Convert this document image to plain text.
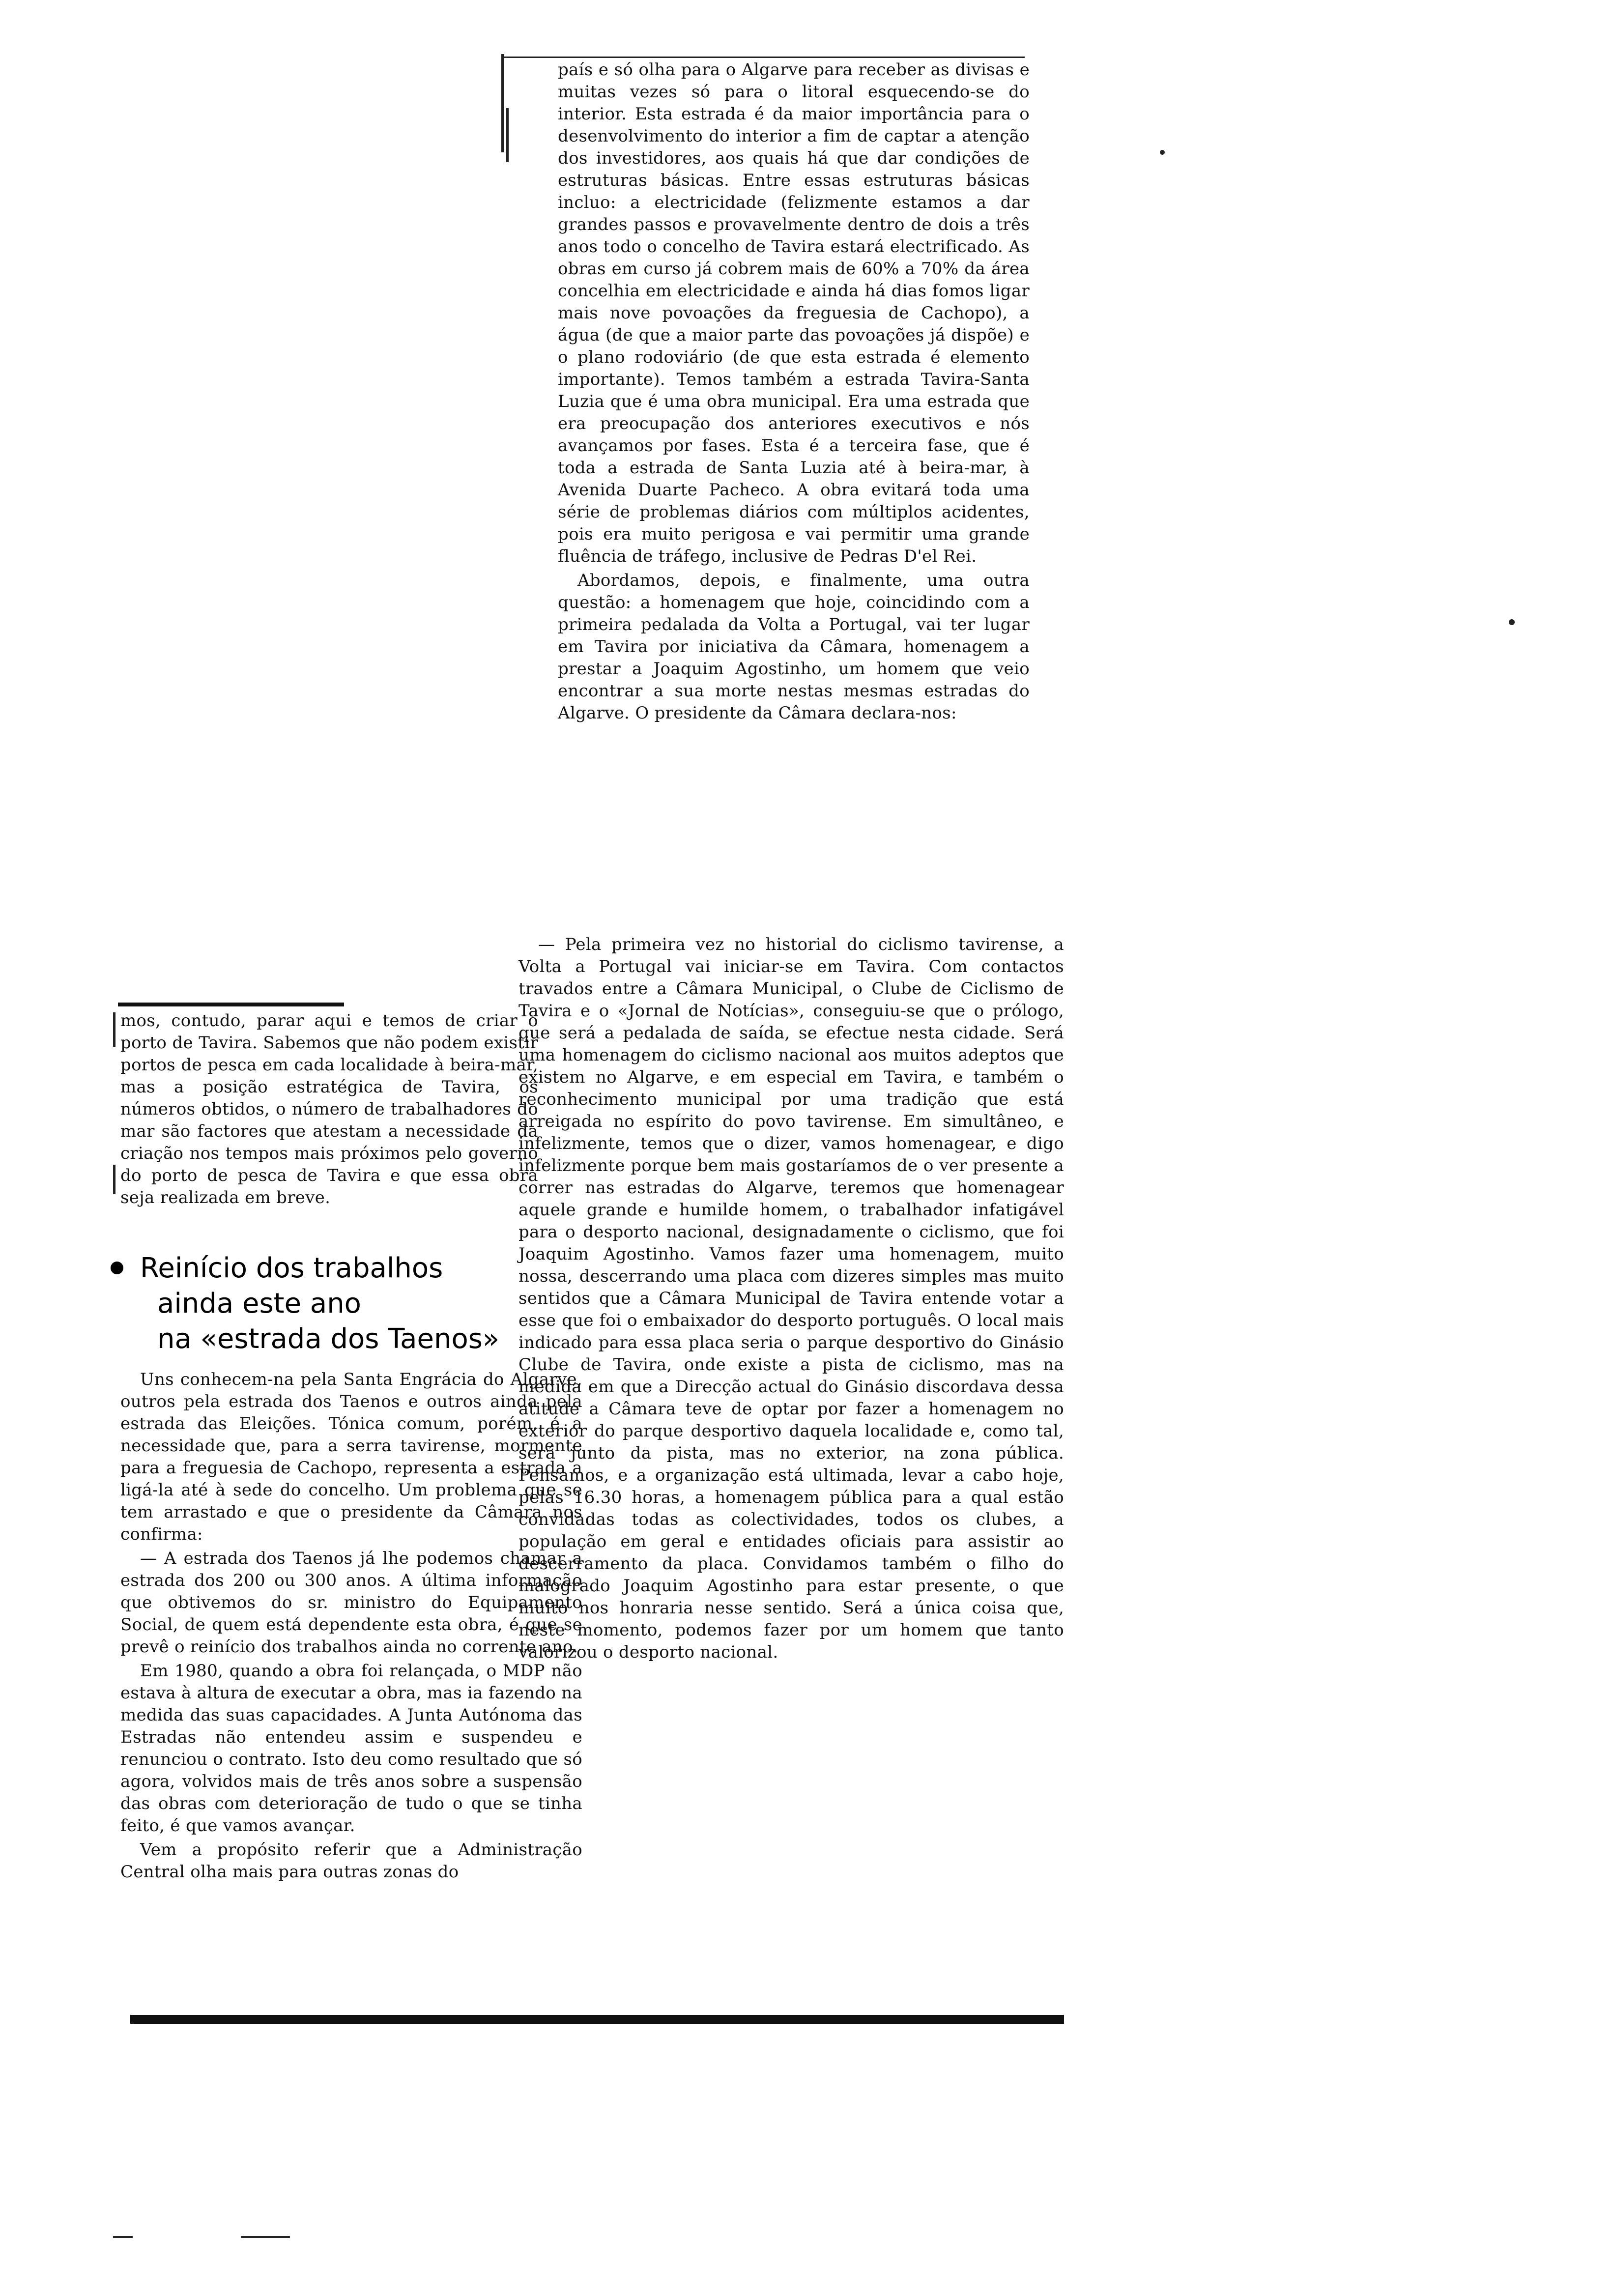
país e só olha para o Algarve para receber as divisas e muitas vezes só para o litoral esquecendo-se do interior. Esta estrada é da maior importância para o desenvolvimento do interior a fim de captar a atenção dos investidores, aos quais há que dar condições de estruturas básicas. Entre essas estruturas básicas incluo: a electricidade (felizmente estamos a dar grandes passos e provavelmente dentro de dois a três anos todo o concelho de Tavira estará electrificado. As obras em curso já cobrem mais de 60% a 70% da área concelhia em electricidade e ainda há dias fomos ligar mais nove povoações da freguesia de Cachopo), a água (de que a maior parte das povoações já dispõe) e o plano rodoviário (de que esta estrada é elemento importante). Temos também a estrada Tavira-Santa Luzia que é uma obra municipal. Era uma estrada que era preocupação dos anteriores executivos e nós avançamos por fases. Esta é a terceira fase, que é toda a estrada de Santa Luzia até à beira-mar, à Avenida Duarte Pacheco. A obra evitará toda uma série de problemas diários com múltiplos acidentes, pois era muito perigosa e vai permitir uma grande fluência de tráfego, inclusive de Pedras D'el Rei.

Abordamos, depois, e finalmente, uma outra questão: a homenagem que hoje, coincidindo com a primeira pedalada da Volta a Portugal, vai ter lugar em Tavira por iniciativa da Câmara, homenagem a prestar a Joaquim Agostinho, um homem que veio encontrar a sua morte nestas mesmas estradas do Algarve. O presidente da Câmara declara-nos:

mos, contudo, parar aqui e temos de criar o porto de Tavira. Sabemos que não podem existir portos de pesca em cada localidade à beira-mar, mas a posição estratégica de Tavira, os números obtidos, o número de trabalhadores do mar são factores que atestam a necessidade da criação nos tempos mais próximos pelo governo do porto de pesca de Tavira e que essa obra seja realizada em breve.

Reinício dos trabalhos
ainda este ano
na «estrada dos Taenos»

Uns conhecem-na pela Santa Engrácia do Algarve, outros pela estrada dos Taenos e outros ainda pela estrada das Eleições. Tónica comum, porém, é a necessidade que, para a serra tavirense, mormente para a freguesia de Cachopo, representa a estrada a ligá-la até à sede do concelho. Um problema que se tem arrastado e que o presidente da Câmara nos confirma:

— A estrada dos Taenos já lhe podemos chamar a estrada dos 200 ou 300 anos. A última informação que obtivemos do sr. ministro do Equipamento Social, de quem está dependente esta obra, é que se prevê o reinício dos trabalhos ainda no corrente ano.

Em 1980, quando a obra foi relançada, o MDP não estava à altura de executar a obra, mas ia fazendo na medida das suas capacidades. A Junta Autónoma das Estradas não entendeu assim e suspendeu e renunciou o contrato. Isto deu como resultado que só agora, volvidos mais de três anos sobre a suspensão das obras com deterioração de tudo o que se tinha feito, é que vamos avançar.

Vem a propósito referir que a Administração Central olha mais para outras zonas do

— Pela primeira vez no historial do ciclismo tavirense, a Volta a Portugal vai iniciar-se em Tavira. Com contactos travados entre a Câmara Municipal, o Clube de Ciclismo de Tavira e o «Jornal de Notícias», conseguiu-se que o prólogo, que será a pedalada de saída, se efectue nesta cidade. Será uma homenagem do ciclismo nacional aos muitos adeptos que existem no Algarve, e em especial em Tavira, e também o reconhecimento municipal por uma tradição que está arreigada no espírito do povo tavirense. Em simultâneo, e infelizmente, temos que o dizer, vamos homenagear, e digo infelizmente porque bem mais gostaríamos de o ver presente a correr nas estradas do Algarve, teremos que homenagear aquele grande e humilde homem, o trabalhador infatigável para o desporto nacional, designadamente o ciclismo, que foi Joaquim Agostinho. Vamos fazer uma homenagem, muito nossa, descerrando uma placa com dizeres simples mas muito sentidos que a Câmara Municipal de Tavira entende votar a esse que foi o embaixador do desporto português. O local mais indicado para essa placa seria o parque desportivo do Ginásio Clube de Tavira, onde existe a pista de ciclismo, mas na medida em que a Direcção actual do Ginásio discordava dessa atitude a Câmara teve de optar por fazer a homenagem no exterior do parque desportivo daquela localidade e, como tal, será junto da pista, mas no exterior, na zona pública. Pensamos, e a organização está ultimada, levar a cabo hoje, pelas 16.30 horas, a homenagem pública para a qual estão convidadas todas as colectividades, todos os clubes, a população em geral e entidades oficiais para assistir ao descerramento da placa. Convidamos também o filho do malogrado Joaquim Agostinho para estar presente, o que muito nos honraria nesse sentido. Será a única coisa que, neste momento, podemos fazer por um homem que tanto valorizou o desporto nacional.
